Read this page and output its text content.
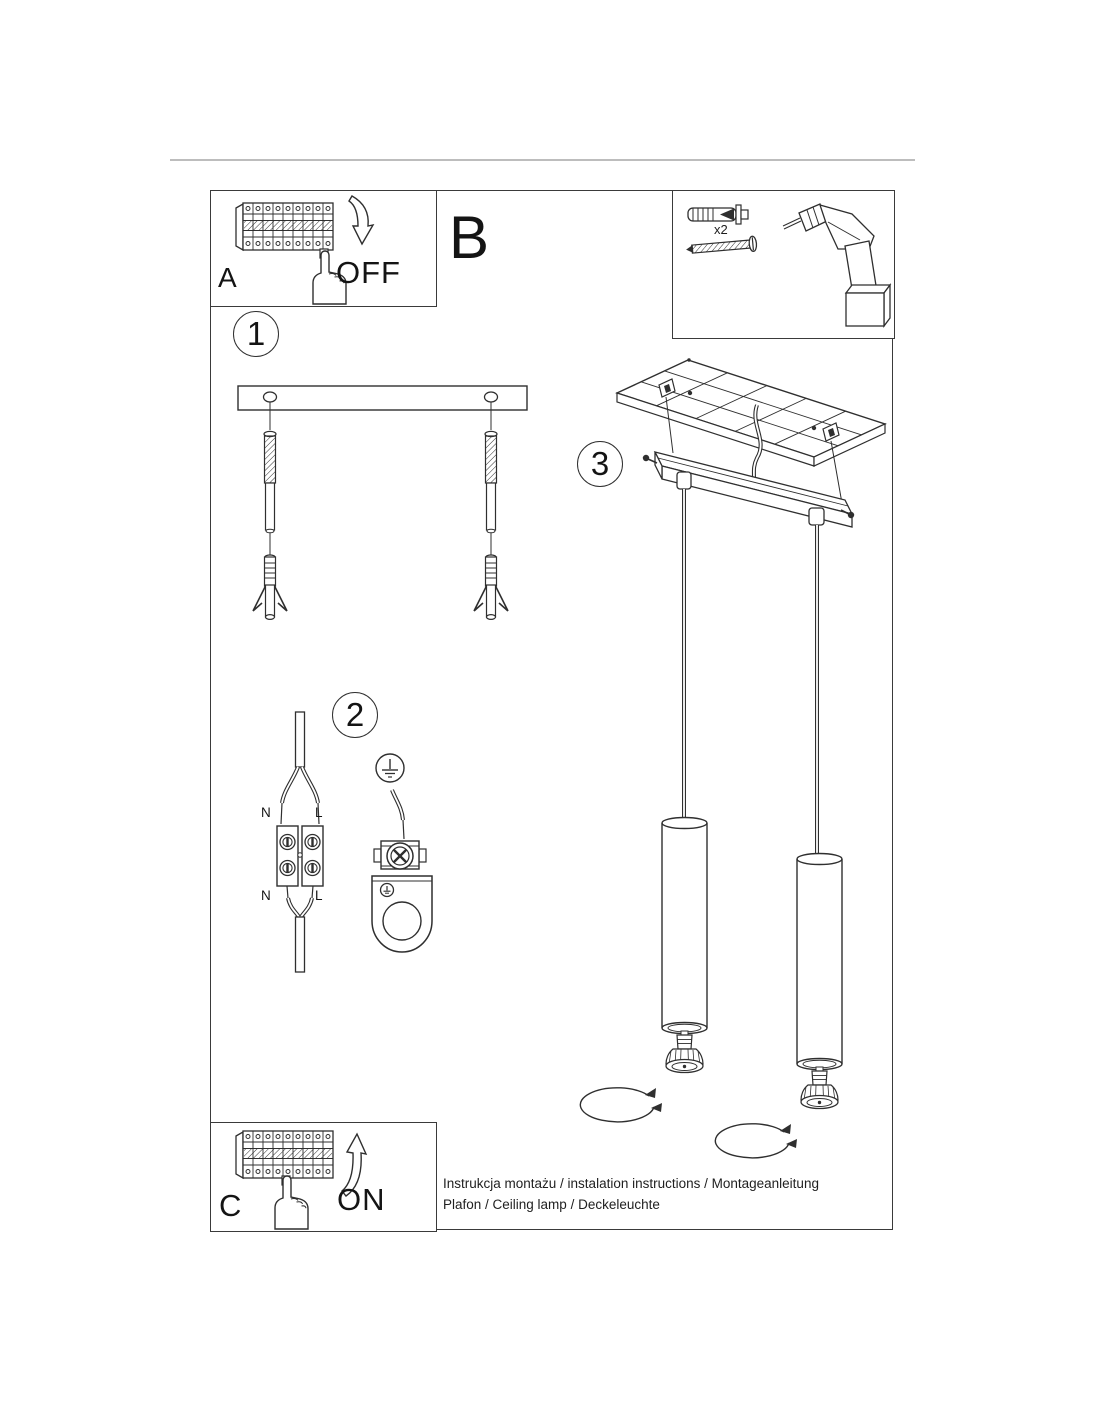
A
B
C
OFF
ON
x2
1
2
3
N	L
N	L
Instrukcja montażu / instalation instructions / Montageanleitung
Plafon / Ceiling lamp / Deckeleuchte
